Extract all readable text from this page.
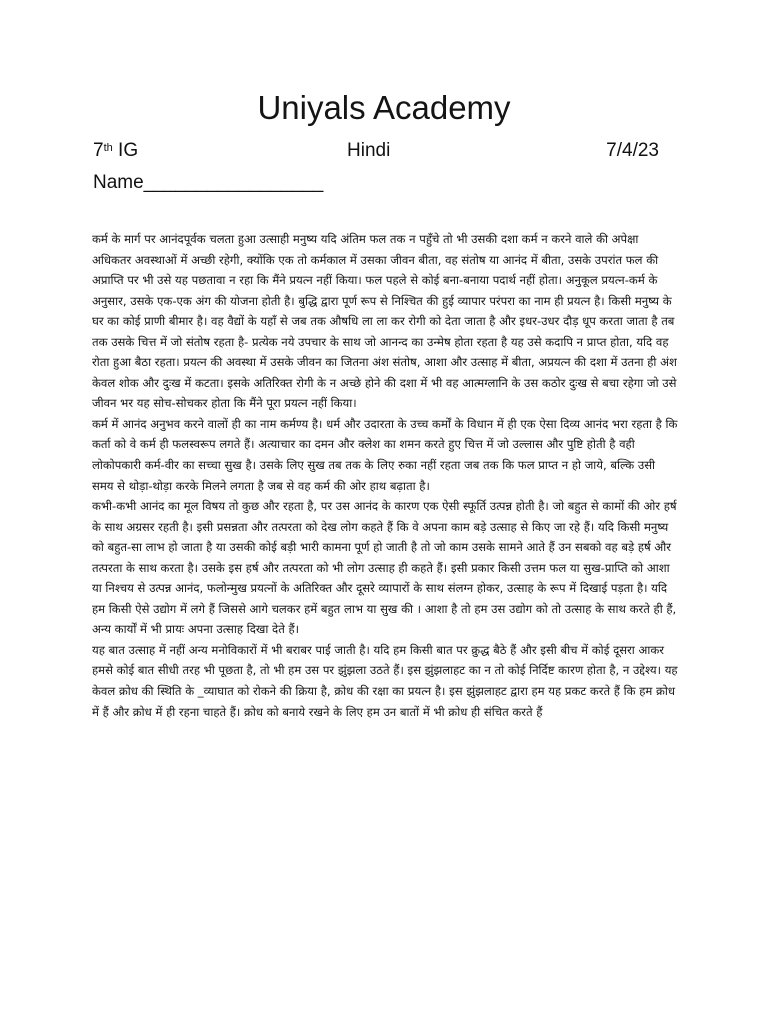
Uniyals Academy
7th IG	Hindi	7/4/23
Name_________________

कर्म के मार्ग पर आनंदपूर्वक चलता हुआ उत्साही मनुष्य यदि अंतिम फल तक न पहुँचे तो भी उसकी दशा कर्म न करने वाले की अपेक्षा अधिकतर अवस्थाओं में अच्छी रहेगी, क्योंकि एक तो कर्मकाल में उसका जीवन बीता, वह संतोष या आनंद में बीता, उसके उपरांत फल की अप्राप्ति पर भी उसे यह पछतावा न रहा कि मैंने प्रयत्न नहीं किया। फल पहले से कोई बना-बनाया पदार्थ नहीं होता। अनुकूल प्रयत्न-कर्म के अनुसार, उसके एक-एक अंग की योजना होती है। बुद्धि द्वारा पूर्ण रूप से निश्चित की हुई व्यापार परंपरा का नाम ही प्रयत्न है। किसी मनुष्य के घर का कोई प्राणी बीमार है। वह वैद्यों के यहाँ से जब तक औषधि ला ला कर रोगी को देता जाता है और इधर-उधर दौड़ धूप करता जाता है तब तक उसके चित्त में जो संतोष रहता है- प्रत्येक नये उपचार के साथ जो आनन्द का उन्मेष होता रहता है यह उसे कदापि न प्राप्त होता, यदि वह रोता हुआ बैठा रहता। प्रयत्न की अवस्था में उसके जीवन का जितना अंश संतोष, आशा और उत्साह में बीता, अप्रयत्न की दशा में उतना ही अंश केवल शोक और दुःख में कटता। इसके अतिरिक्त रोगी के न अच्छे होने की दशा में भी वह आत्मग्लानि के उस कठोर दुःख से बचा रहेगा जो उसे जीवन भर यह सोच-सोचकर होता कि मैंने पूरा प्रयत्न नहीं किया।

कर्म में आनंद अनुभव करने वालों ही का नाम कर्मण्य है। धर्म और उदारता के उच्च कर्मों के विधान में ही एक ऐसा दिव्य आनंद भरा रहता है कि कर्ता को वे कर्म ही फलस्वरूप लगते हैं। अत्याचार का दमन और क्लेश का शमन करते हुए चित्त में जो उल्लास और पुष्टि होती है वही लोकोपकारी कर्म-वीर का सच्चा सुख है। उसके लिए सुख तब तक के लिए रुका नहीं रहता जब तक कि फल प्राप्त न हो जाये, बल्कि उसी समय से थोड़ा-थोड़ा करके मिलने लगता है जब से वह कर्म की ओर हाथ बढ़ाता है।

कभी-कभी आनंद का मूल विषय तो कुछ और रहता है, पर उस आनंद के कारण एक ऐसी स्फूर्ति उत्पन्न होती है। जो बहुत से कामों की ओर हर्ष के साथ अग्रसर रहती है। इसी प्रसन्नता और तत्परता को देख लोग कहते हैं कि वे अपना काम बड़े उत्साह से किए जा रहे हैं। यदि किसी मनुष्य को बहुत-सा लाभ हो जाता है या उसकी कोई बड़ी भारी कामना पूर्ण हो जाती है तो जो काम उसके सामने आते हैं उन सबको वह बड़े हर्ष और तत्परता के साथ करता है। उसके इस हर्ष और तत्परता को भी लोग उत्साह ही कहते हैं। इसी प्रकार किसी उत्तम फल या सुख-प्राप्ति को आशा या निश्चय से उत्पन्न आनंद, फलोन्मुख प्रयत्नों के अतिरिक्त और दूसरे व्यापारों के साथ संलग्न होकर, उत्साह के रूप में दिखाई पड़ता है। यदि हम किसी ऐसे उद्योग में लगे हैं जिससे आगे चलकर हमें बहुत लाभ या सुख की । आशा है तो हम उस उद्योग को तो उत्साह के साथ करते ही हैं, अन्य कार्यों में भी प्रायः अपना उत्साह दिखा देते हैं।

यह बात उत्साह में नहीं अन्य मनोविकारों में भी बराबर पाई जाती है। यदि हम किसी बात पर क्रुद्ध बैठे हैं और इसी बीच में कोई दूसरा आकर हमसे कोई बात सीधी तरह भी पूछता है, तो भी हम उस पर झुंझला उठते हैं। इस झुंझलाहट का न तो कोई निर्दिष्ट कारण होता है, न उद्देश्य। यह केवल क्रोध की स्थिति के _व्याघात को रोकने की क्रिया है, क्रोध की रक्षा का प्रयत्न है। इस झुंझलाहट द्वारा हम यह प्रकट करते हैं कि हम क्रोध में हैं और क्रोध में ही रहना चाहते हैं। क्रोध को बनाये रखने के लिए हम उन बातों में भी क्रोध ही संचित करते हैं
